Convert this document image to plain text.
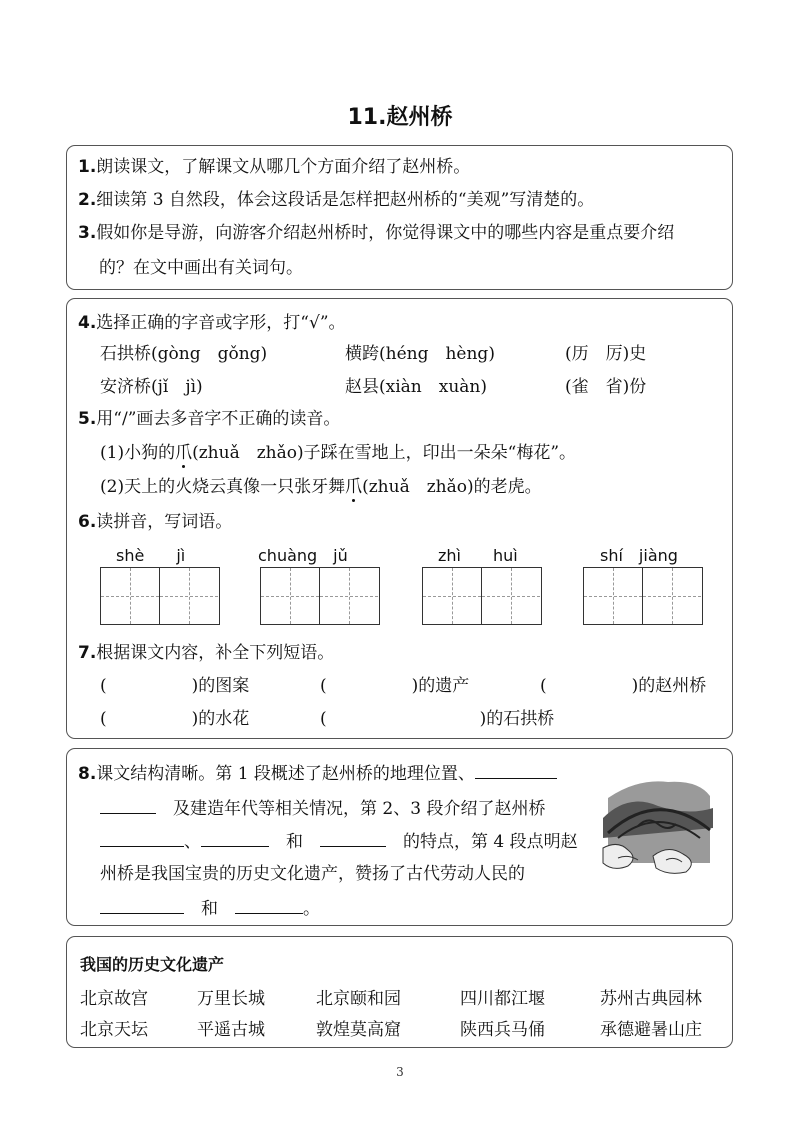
11.赵州桥
1.朗读课文，了解课文从哪几个方面介绍了赵州桥。
2.细读第 3 自然段，体会这段话是怎样把赵州桥的“美观”写清楚的。
3.假如你是导游，向游客介绍赵州桥时，你觉得课文中的哪些内容是重点要介绍
的？在文中画出有关词句。
4.选择正确的字音或字形，打“√”。
石拱桥(gòng　gǒng)	横跨(héng　hèng)	(历　厉)史
安济桥(jǐ　jì)	赵县(xiàn　xuàn)	(雀　省)份
5.用“/”画去多音字不正确的读音。
(1)小狗的爪(zhuǎ　zhǎo)子踩在雪地上，印出一朵朵“梅花”。
(2)天上的火烧云真像一只张牙舞爪(zhuǎ　zhǎo)的老虎。
6.读拼音，写词语。
shè　　jì	chuàng　jǔ	zhì　　huì	shí　jiàng
7.根据课文内容，补全下列短语。
(　　　　　)的图案	(　　　　　)的遗产	(　　　　　)的赵州桥
(　　　　　)的水花	(　　　　　　　　　)的石拱桥
8.课文结构清晰。第 1 段概述了赵州桥的地理位置、
　及建造年代等相关情况，第 2、3 段介绍了赵州桥
、　	和　　	的特点，第 4 段点明赵
州桥是我国宝贵的历史文化遗产，赞扬了古代劳动人民的
　和　	。
我国的历史文化遗产
北京故宫	万里长城	北京颐和园	四川都江堰	苏州古典园林
北京天坛	平遥古城	敦煌莫高窟	陕西兵马俑	承德避暑山庄
3
